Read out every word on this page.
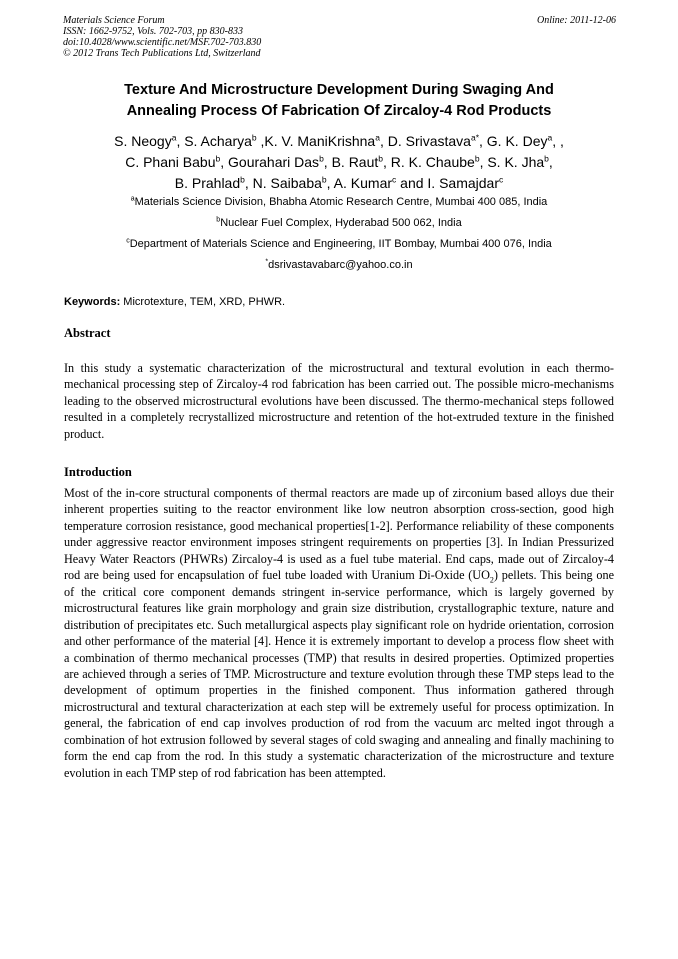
Materials Science Forum
ISSN: 1662-9752, Vols. 702-703, pp 830-833
doi:10.4028/www.scientific.net/MSF.702-703.830
© 2012 Trans Tech Publications Ltd, Switzerland
Online: 2011-12-06
Texture And Microstructure Development During Swaging And
Annealing Process Of Fabrication Of Zircaloy-4 Rod Products
S. Neogy$^a$, S. Acharya$^b$ ,K. V. ManiKrishna$^a$, D. Srivastava$^{a*}$, G. K. Dey$^a$, ,
C. Phani Babu$^b$, Gourahari Das$^b$, B. Raut$^b$, R. K. Chaube$^b$, S. K. Jha$^b$,
B. Prahlad$^b$, N. Saibaba$^b$, A. Kumar$^c$ and I. Samajdar$^c$
$^a$Materials Science Division, Bhabha Atomic Research Centre, Mumbai 400 085, India
$^b$Nuclear Fuel Complex, Hyderabad 500 062, India
$^c$Department of Materials Science and Engineering, IIT Bombay, Mumbai 400 076, India
*dsrivastavabarc@yahoo.co.in
Keywords: Microtexture, TEM, XRD, PHWR.
Abstract
In this study a systematic characterization of the microstructural and textural evolution in each thermo-mechanical processing step of Zircaloy-4 rod fabrication has been carried out. The possible micro-mechanisms leading to the observed microstructural evolutions have been discussed. The thermo-mechanical steps followed resulted in a completely recrystallized microstructure and retention of the hot-extruded texture in the finished product.
Introduction
Most of the in-core structural components of thermal reactors are made up of zirconium based alloys due their inherent properties suiting to the reactor environment like low neutron absorption cross-section, good high temperature corrosion resistance, good mechanical properties[1-2]. Performance reliability of these components under aggressive reactor environment imposes stringent requirements on properties [3]. In Indian Pressurized Heavy Water Reactors (PHWRs) Zircaloy-4 is used as a fuel tube material. End caps, made out of Zircaloy-4 rod are being used for encapsulation of fuel tube loaded with Uranium Di-Oxide $(UO_2)$ pellets. This being one of the critical core component demands stringent in-service performance, which is largely governed by microstructural features like grain morphology and grain size distribution, crystallographic texture, nature and distribution of precipitates etc. Such metallurgical aspects play significant role on hydride orientation, corrosion and other performance of the material [4]. Hence it is extremely important to develop a process flow sheet with a combination of thermo mechanical processes (TMP) that results in desired properties. Optimized properties are achieved through a series of TMP. Microstructure and texture evolution through these TMP steps lead to the development of optimum properties in the finished component. Thus information gathered through microstructural and textural characterization at each step will be extremely useful for process optimization. In general, the fabrication of end cap involves production of rod from the vacuum arc melted ingot through a combination of hot extrusion followed by several stages of cold swaging and annealing and finally machining to form the end cap from the rod. In this study a systematic characterization of the microstructure and texture evolution in each TMP step of rod fabrication has been attempted.
